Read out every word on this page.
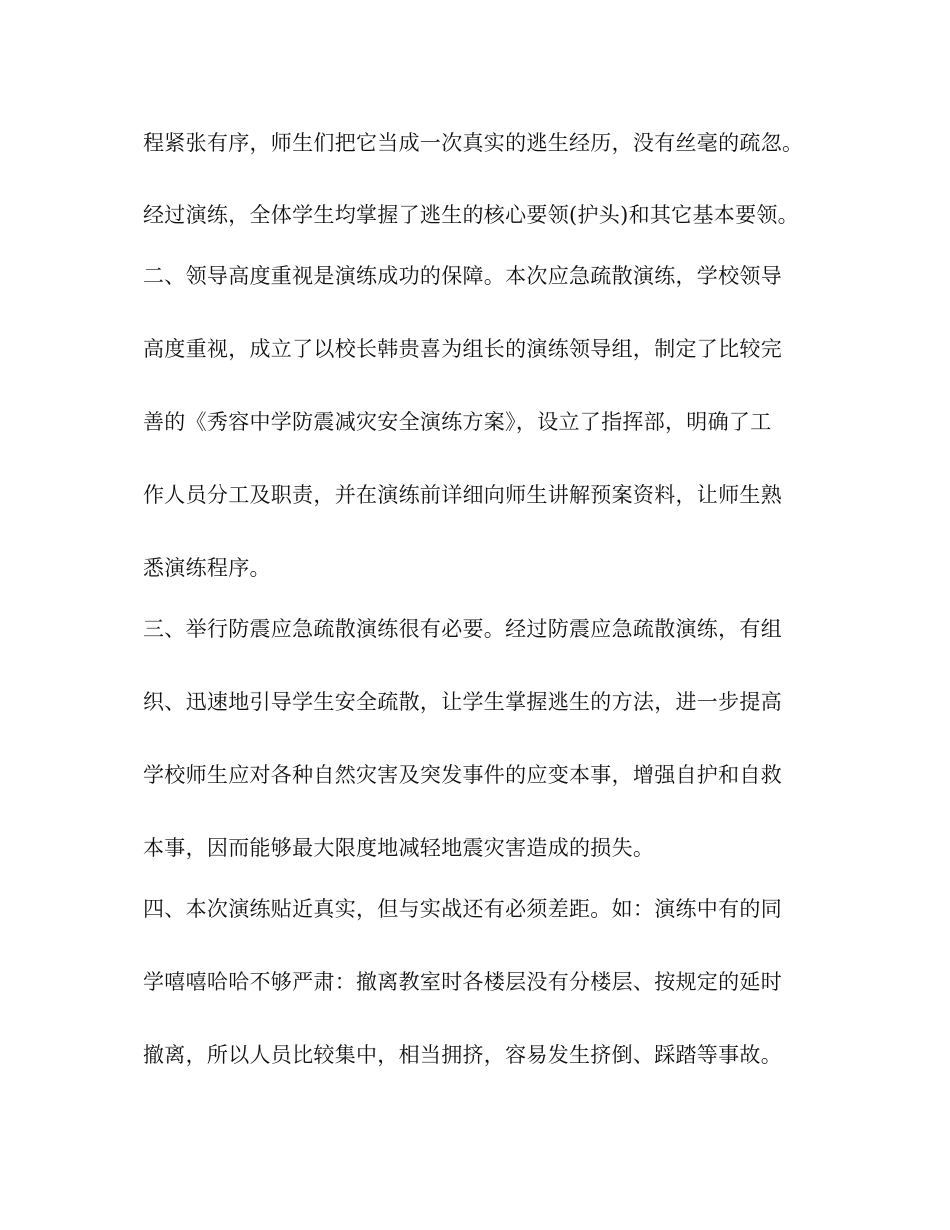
程紧张有序，师生们把它当成一次真实的逃生经历，没有丝毫的疏忽。
经过演练，全体学生均掌握了逃生的核心要领(护头)和其它基本要领。
二、领导高度重视是演练成功的保障。本次应急疏散演练，学校领导
高度重视，成立了以校长韩贵喜为组长的演练领导组，制定了比较完
善的《秀容中学防震减灾安全演练方案》，设立了指挥部，明确了工
作人员分工及职责，并在演练前详细向师生讲解预案资料，让师生熟
悉演练程序。
三、举行防震应急疏散演练很有必要。经过防震应急疏散演练，有组
织、迅速地引导学生安全疏散，让学生掌握逃生的方法，进一步提高
学校师生应对各种自然灾害及突发事件的应变本事，增强自护和自救
本事，因而能够最大限度地减轻地震灾害造成的损失。
四、本次演练贴近真实，但与实战还有必须差距。如：演练中有的同
学嘻嘻哈哈不够严肃：撤离教室时各楼层没有分楼层、按规定的延时
撤离，所以人员比较集中，相当拥挤，容易发生挤倒、踩踏等事故。
